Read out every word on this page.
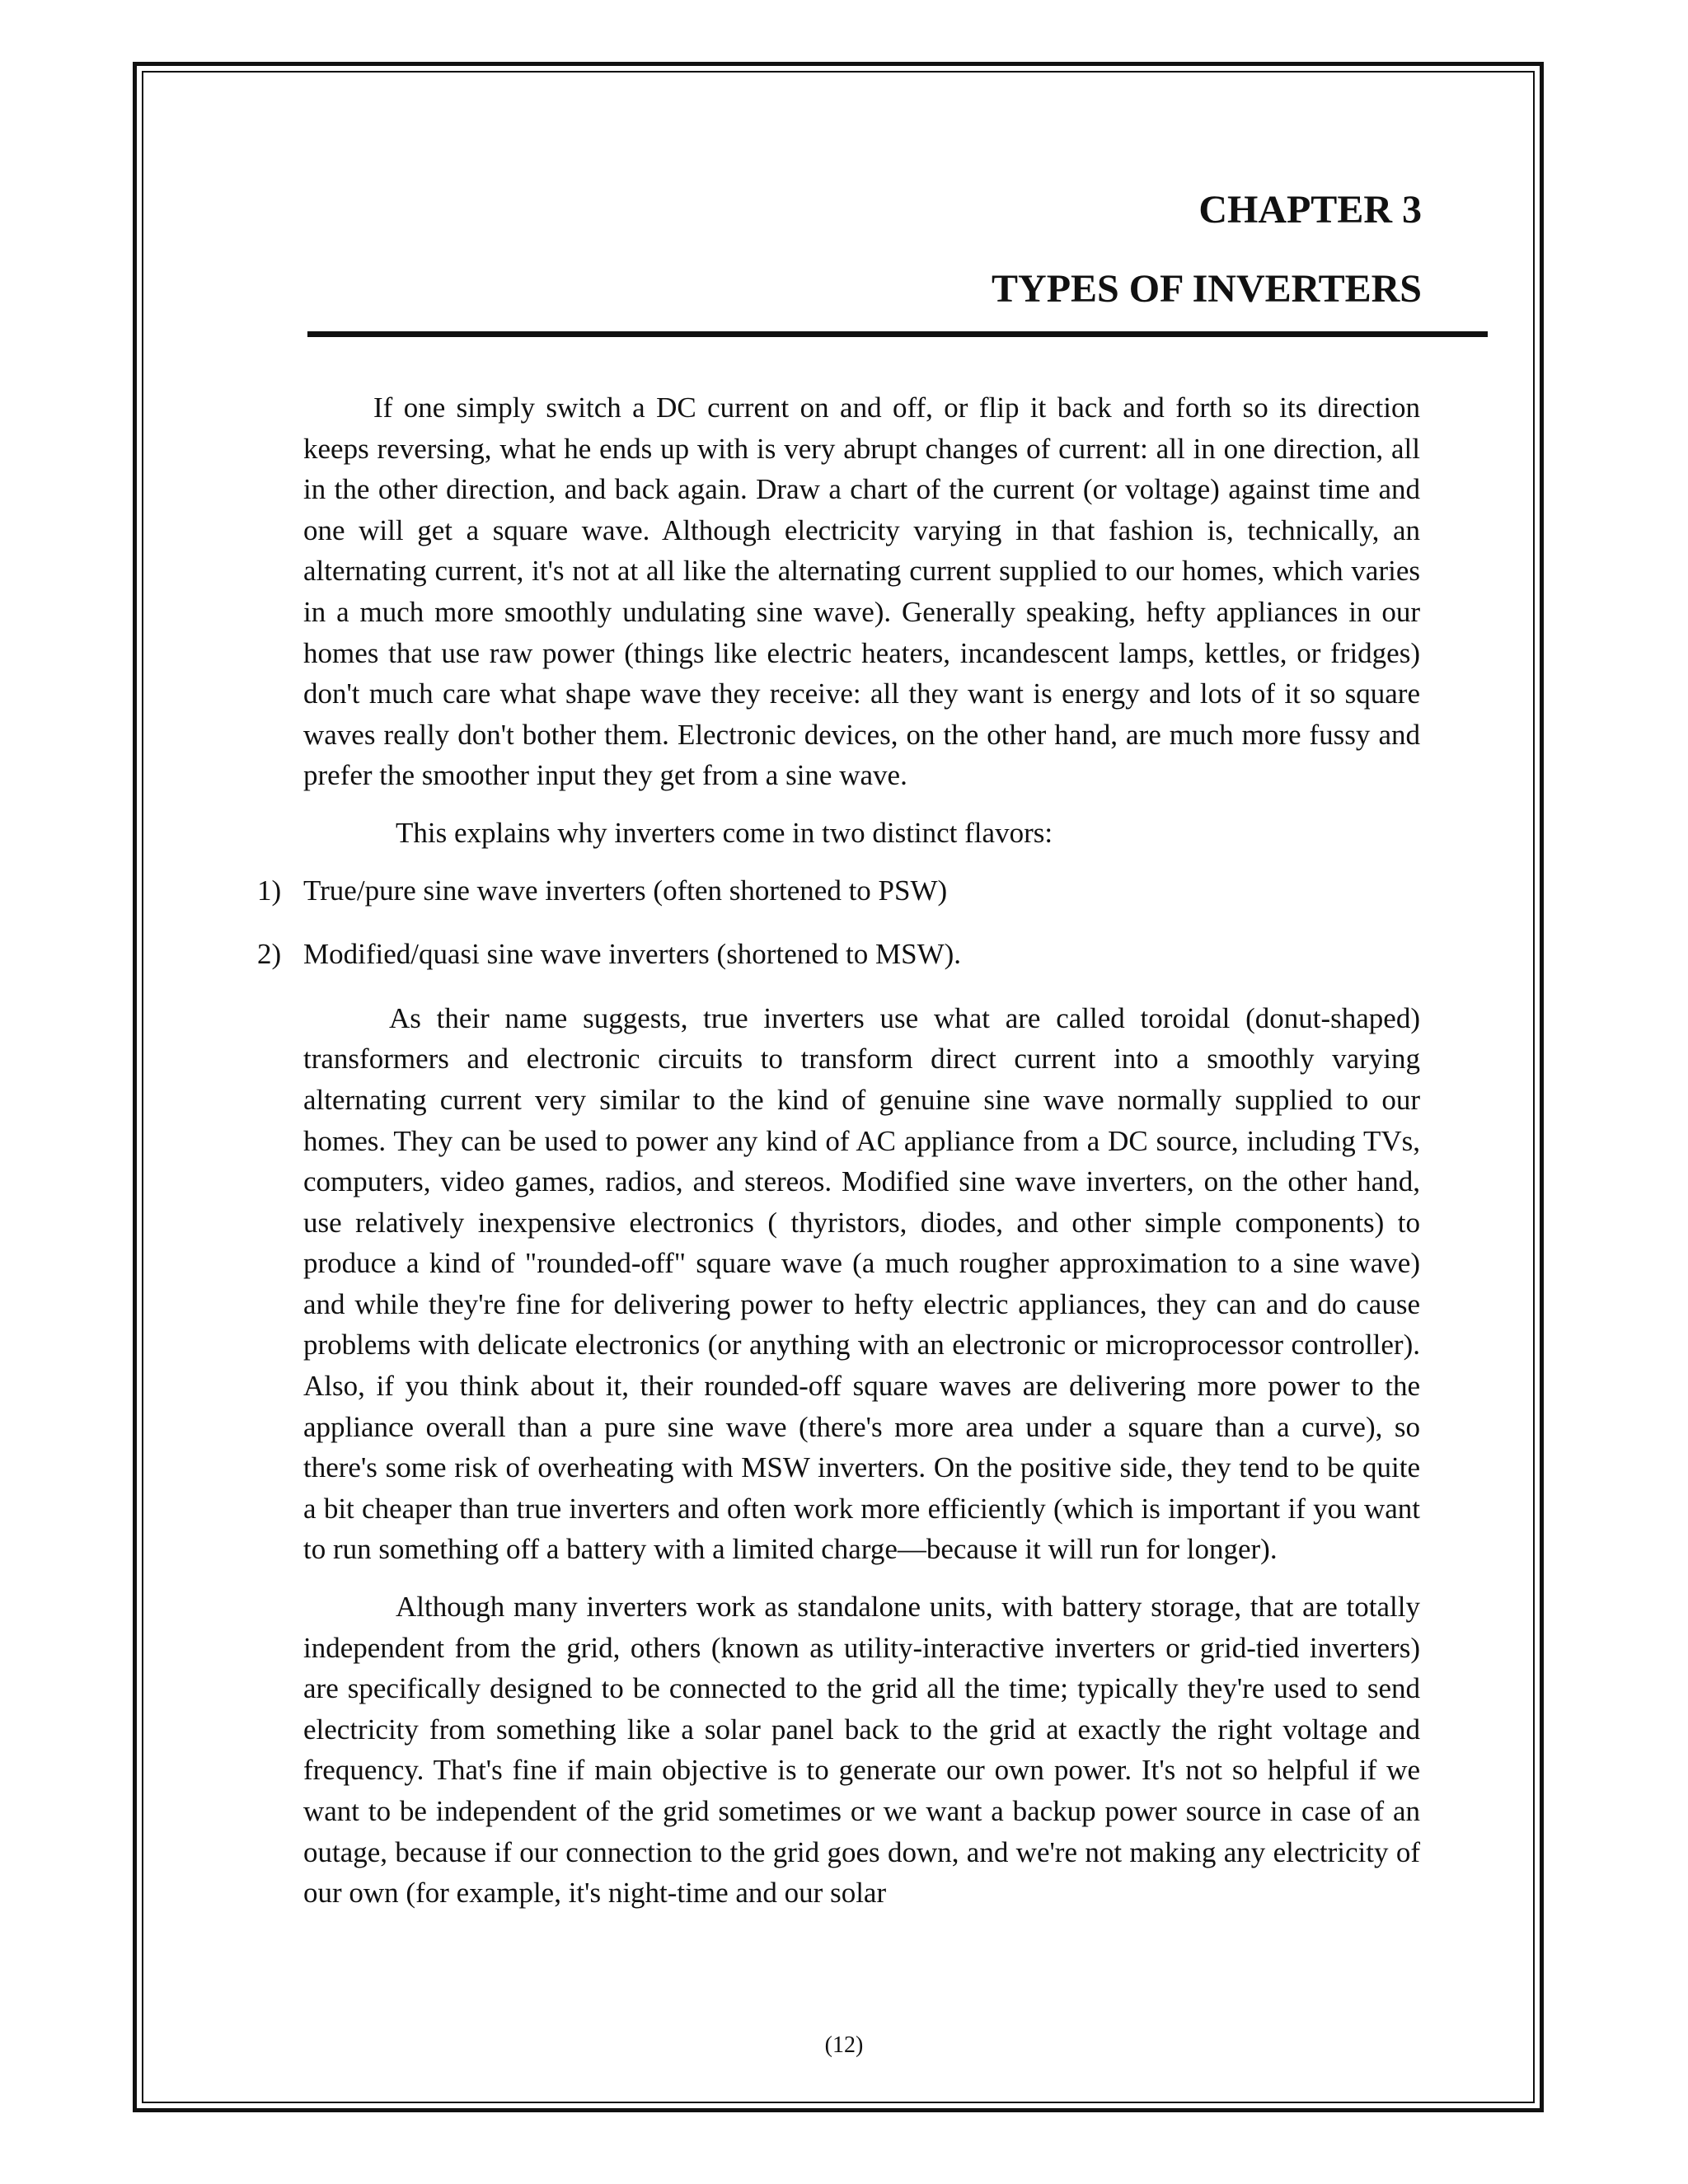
CHAPTER 3
TYPES OF INVERTERS

If one simply switch a DC current on and off, or flip it back and forth so its direction keeps reversing, what he ends up with is very abrupt changes of current: all in one direction, all in the other direction, and back again. Draw a chart of the current (or voltage) against time and one will get a square wave. Although electricity varying in that fashion is, technically, an alternating current, it's not at all like the alternating current supplied to our homes, which varies in a much more smoothly undulating sine wave). Generally speaking, hefty appliances in our homes that use raw power (things like electric heaters, incandescent lamps, kettles, or fridges) don't much care what shape wave they receive: all they want is energy and lots of it so square waves really don't bother them. Electronic devices, on the other hand, are much more fussy and prefer the smoother input they get from a sine wave.

This explains why inverters come in two distinct flavors:

1) True/pure sine wave inverters (often shortened to PSW)
2) Modified/quasi sine wave inverters (shortened to MSW).

As their name suggests, true inverters use what are called toroidal (donut-shaped) transformers and electronic circuits to transform direct current into a smoothly varying alternating current very similar to the kind of genuine sine wave normally supplied to our homes. They can be used to power any kind of AC appliance from a DC source, including TVs, computers, video games, radios, and stereos. Modified sine wave inverters, on the other hand, use relatively inexpensive electronics ( thyristors, diodes, and other simple components) to produce a kind of "rounded-off" square wave (a much rougher approximation to a sine wave) and while they're fine for delivering power to hefty electric appliances, they can and do cause problems with delicate electronics (or anything with an electronic or microprocessor controller). Also, if you think about it, their rounded-off square waves are delivering more power to the appliance overall than a pure sine wave (there's more area under a square than a curve), so there's some risk of overheating with MSW inverters. On the positive side, they tend to be quite a bit cheaper than true inverters and often work more efficiently (which is important if you want to run something off a battery with a limited charge—because it will run for longer).

Although many inverters work as standalone units, with battery storage, that are totally independent from the grid, others (known as utility-interactive inverters or grid-tied inverters) are specifically designed to be connected to the grid all the time; typically they're used to send electricity from something like a solar panel back to the grid at exactly the right voltage and frequency. That's fine if main objective is to generate our own power. It's not so helpful if we want to be independent of the grid sometimes or we want a backup power source in case of an outage, because if our connection to the grid goes down, and we're not making any electricity of our own (for example, it's night-time and our solar

(12)
